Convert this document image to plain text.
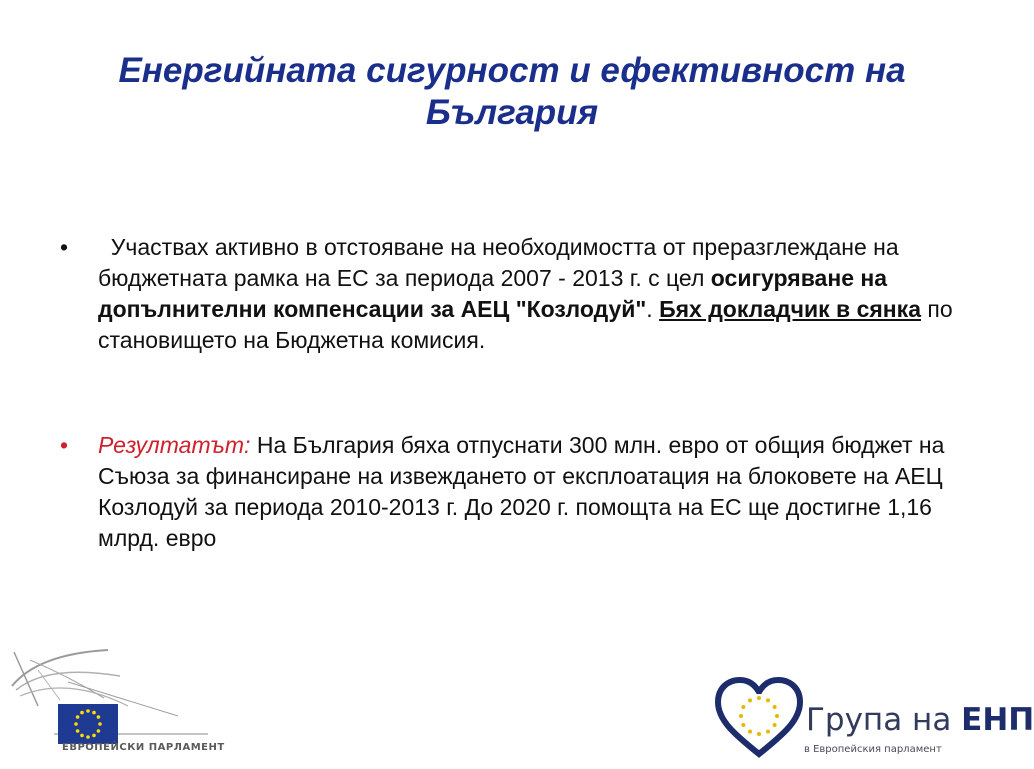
Енергийната сигурност и ефективност на
България
•	Участвах активно в отстояване на необходимостта от преразглеждане на бюджетната рамка на ЕС за периода 2007 - 2013 г. с цел осигуряване на допълнителни компенсации за АЕЦ "Козлодуй". Бях докладчик в сянка по становището на Бюджетна комисия.
•	Резултатът: На България бяха отпуснати 300 млн. евро от общия бюджет на Съюза за финансиране на извеждането от експлоатация на блоковете на АЕЦ Козлодуй за периода 2010-2013 г. До 2020 г. помощта на ЕС ще достигне 1,16 млрд. евро
ЕВРОПЕЙСКИ ПАРЛАМЕНТ
Група на ЕНП
в Европейския парламент
